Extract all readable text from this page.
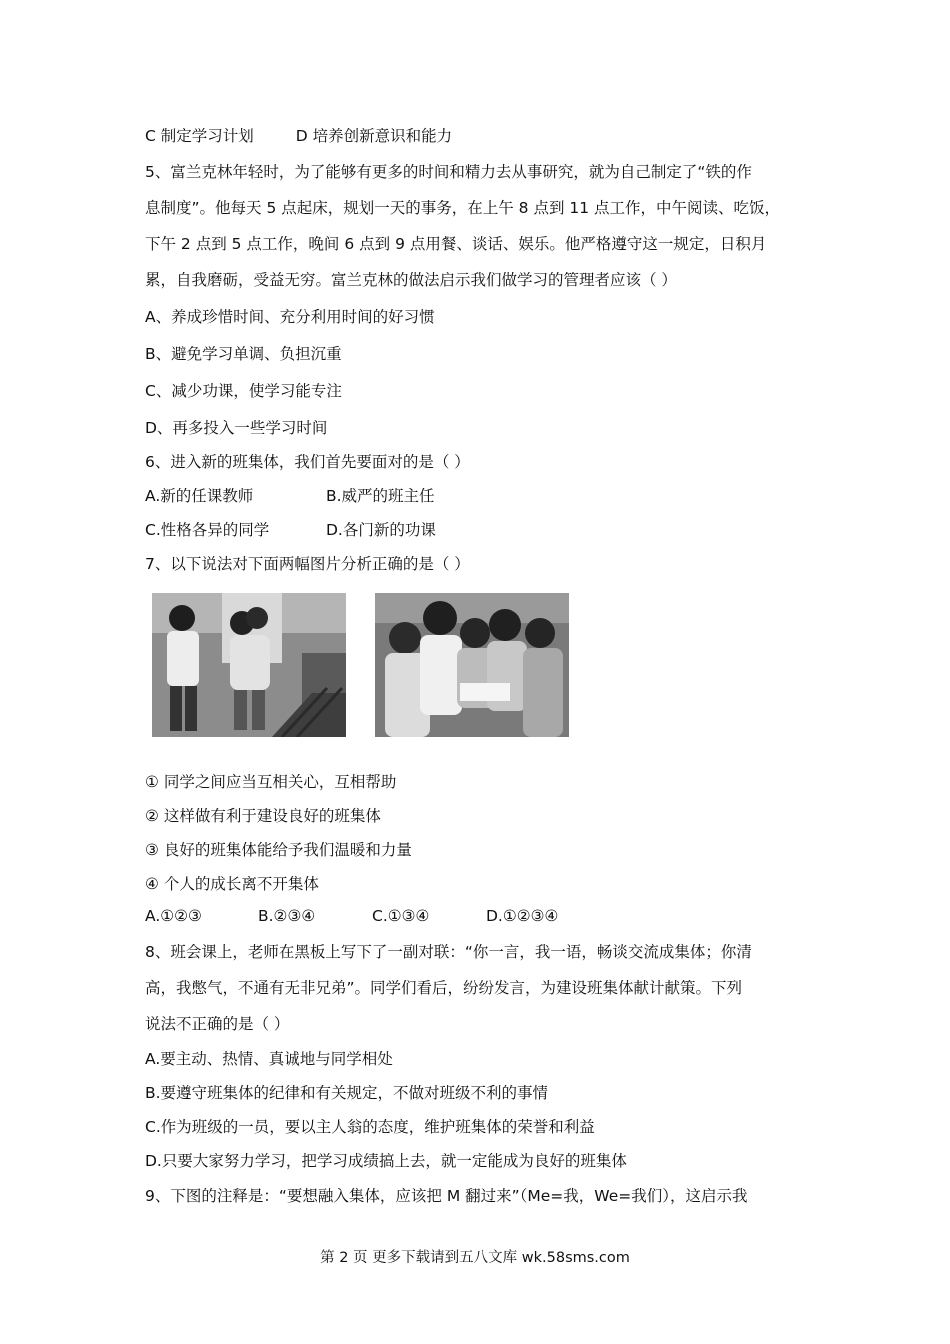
C 制定学习计划	D 培养创新意识和能力
5、富兰克林年轻时，为了能够有更多的时间和精力去从事研究，就为自己制定了“铁的作
息制度”。他每天 5 点起床，规划一天的事务，在上午 8 点到 11 点工作，中午阅读、吃饭，
下午 2 点到 5 点工作，晚间 6 点到 9 点用餐、谈话、娱乐。他严格遵守这一规定，日积月
累，自我磨砺，受益无穷。富兰克林的做法启示我们做学习的管理者应该（ ）
A、养成珍惜时间、充分利用时间的好习惯
B、避免学习单调、负担沉重
C、减少功课，使学习能专注
D、再多投入一些学习时间
6、进入新的班集体，我们首先要面对的是（ ）
A.新的任课教师	B.威严的班主任
C.性格各异的同学	D.各门新的功课
7、以下说法对下面两幅图片分析正确的是（ ）
① 同学之间应当互相关心，互相帮助
② 这样做有利于建设良好的班集体
③ 良好的班集体能给予我们温暖和力量
④ 个人的成长离不开集体
A.①②③	B.②③④	C.①③④	D.①②③④
8、班会课上，老师在黑板上写下了一副对联：“你一言，我一语，畅谈交流成集体；你清
高，我憋气，不通有无非兄弟”。同学们看后，纷纷发言，为建设班集体献计献策。下列
说法不正确的是（ ）
A.要主动、热情、真诚地与同学相处
B.要遵守班集体的纪律和有关规定，不做对班级不利的事情
C.作为班级的一员，要以主人翁的态度，维护班集体的荣誉和利益
D.只要大家努力学习，把学习成绩搞上去，就一定能成为良好的班集体
9、下图的注释是：“要想融入集体，应该把 M 翻过来”（Me=我，We=我们），这启示我
第 2 页 更多下载请到五八文库 wk.58sms.com
